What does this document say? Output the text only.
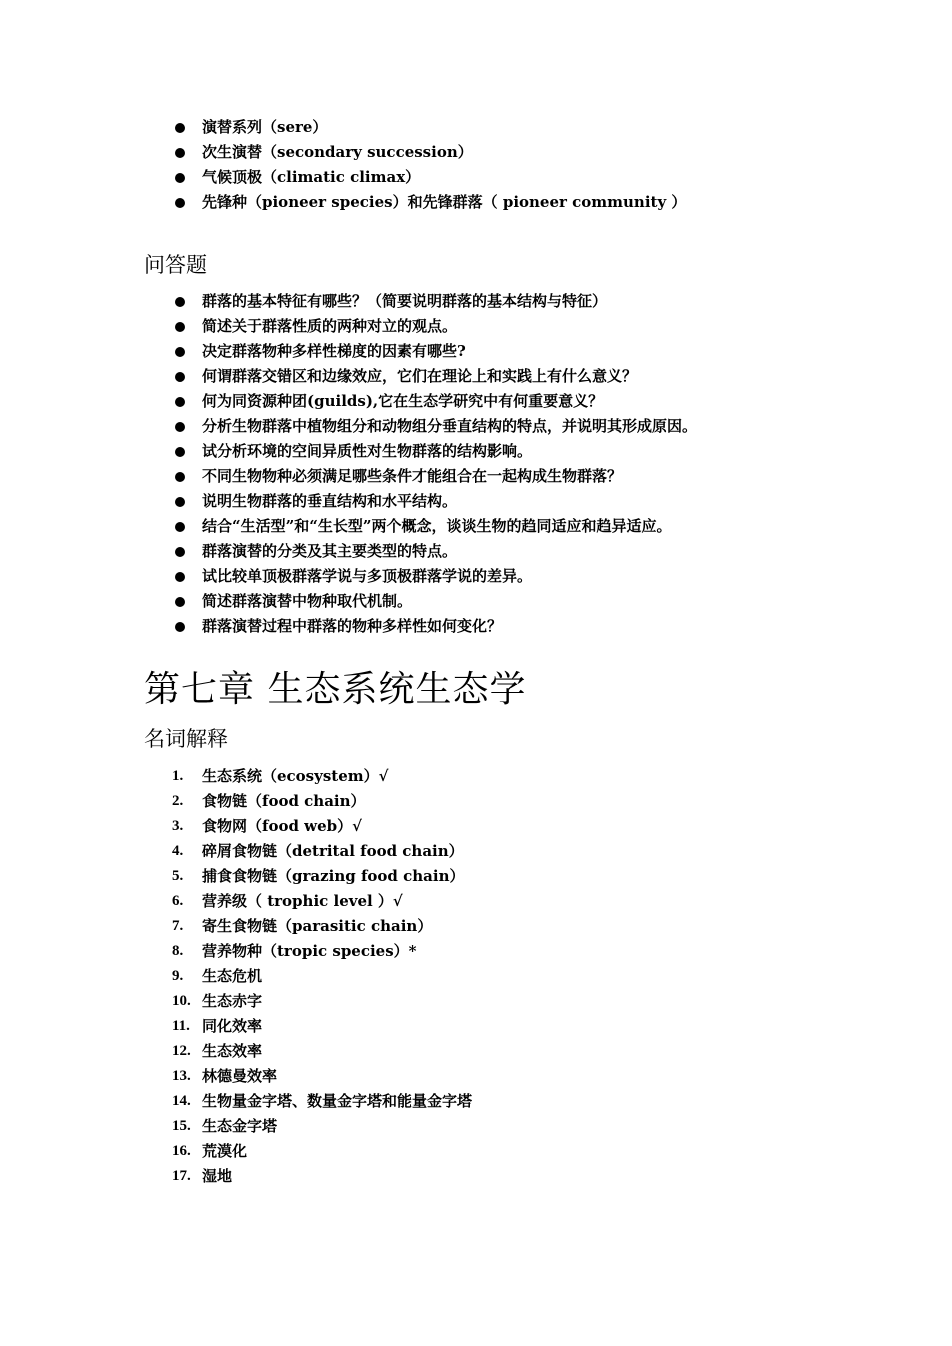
演替系列（sere）
次生演替（secondary succession）
气候顶极（climatic climax）
先锋种（pioneer species）和先锋群落（ pioneer community ）
问答题
群落的基本特征有哪些？（简要说明群落的基本结构与特征）
简述关于群落性质的两种对立的观点。
决定群落物种多样性梯度的因素有哪些?
何谓群落交错区和边缘效应，它们在理论上和实践上有什么意义？
何为同资源种团(guilds),它在生态学研究中有何重要意义？
分析生物群落中植物组分和动物组分垂直结构的特点，并说明其形成原因。
试分析环境的空间异质性对生物群落的结构影响。
不同生物物种必须满足哪些条件才能组合在一起构成生物群落？
说明生物群落的垂直结构和水平结构。
结合“生活型”和“生长型”两个概念，谈谈生物的趋同适应和趋异适应。
群落演替的分类及其主要类型的特点。
试比较单顶极群落学说与多顶极群落学说的差异。
简述群落演替中物种取代机制。
群落演替过程中群落的物种多样性如何变化？
第七章 生态系统生态学
名词解释
1. 生态系统（ecosystem）√
2. 食物链（food chain）
3. 食物网（food web）√
4. 碎屑食物链（detrital food chain）
5. 捕食食物链（grazing food chain）
6. 营养级（ trophic level ）√
7. 寄生食物链（parasitic chain）
8. 营养物种（tropic species）*
9. 生态危机
10. 生态赤字
11. 同化效率
12. 生态效率
13. 林德曼效率
14. 生物量金字塔、数量金字塔和能量金字塔
15. 生态金字塔
16. 荒漠化
17. 湿地
